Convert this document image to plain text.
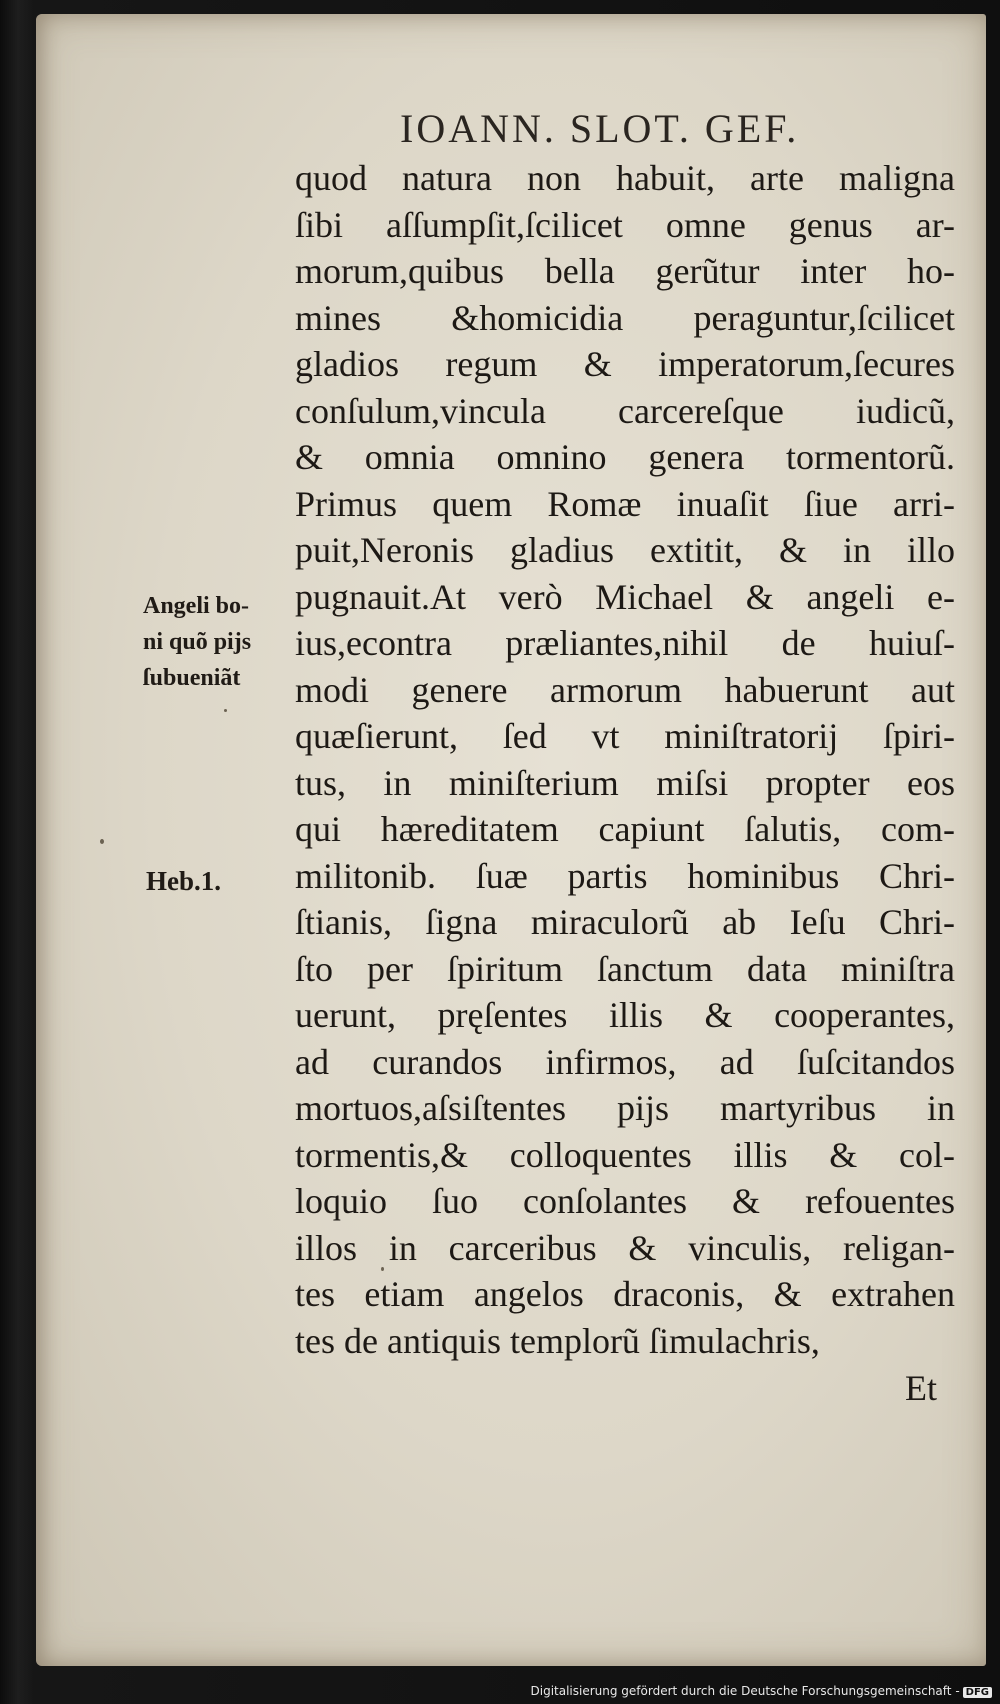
IOANN. SLOT. GEF.
quod natura non habuit, arte maligna
ſibi aſſumpſit,ſcilicet omne genus ar-
morum,quibus bella gerũtur inter ho-
mines &homicidia peraguntur,ſcilicet
gladios regum & imperatorum,ſecures
conſulum,vincula carcereſque iudicũ,
& omnia omnino genera tormentorũ.
Primus quem Romæ inuaſit ſiue arri-
puit,Neronis gladius extitit, & in illo
pugnauit.At verò Michael & angeli e-
ius,econtra præliantes,nihil de huiuſ-
modi genere armorum habuerunt aut
quæſierunt, ſed vt miniſtratorij ſpiri-
tus, in miniſterium miſsi propter eos
qui hæreditatem capiunt ſalutis, com-
militonib. ſuæ partis hominibus Chri-
ſtianis, ſigna miraculorũ ab Ieſu Chri-
ſto per ſpiritum ſanctum data miniſtra
uerunt, pręſentes illis & cooperantes,
ad curandos infirmos, ad ſuſcitandos
mortuos,aſsiſtentes pijs martyribus in
tormentis,& colloquentes illis & col-
loquio ſuo conſolantes & refouentes
illos in carceribus & vinculis, religan-
tes etiam angelos draconis, & extrahen
tes de antiquis templorũ ſimulachris,
Et
Angeli bo-
ni quõ pijs
ſubueniãt
Heb.1.
Digitalisierung gefördert durch die Deutsche Forschungsgemeinschaft - DFG
